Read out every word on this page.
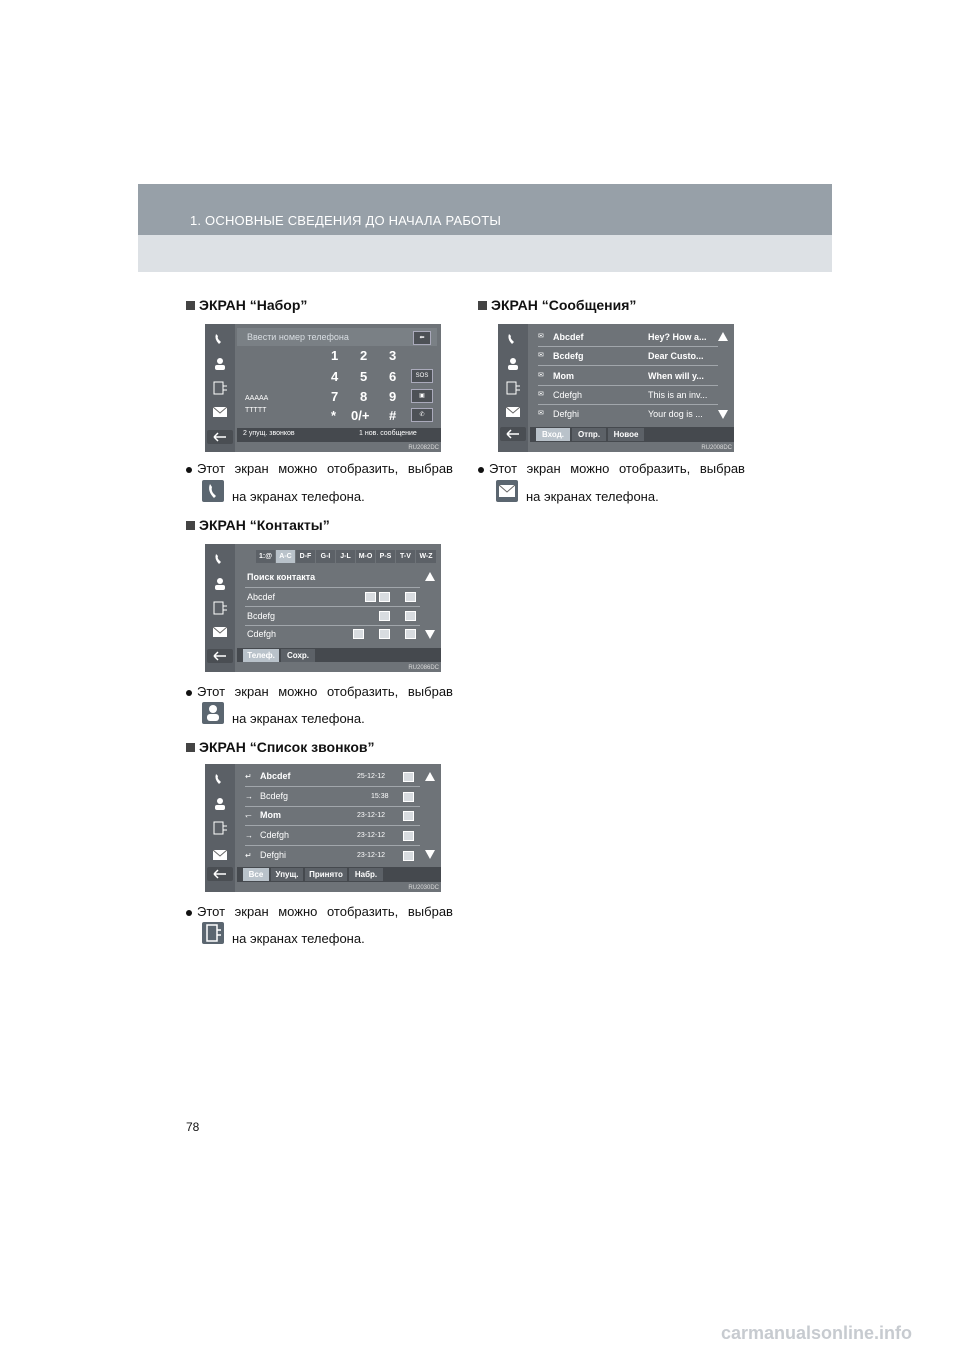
1. ОСНОВНЫЕ СВЕДЕНИЯ ДО НАЧАЛА РАБОТЫ
ЭКРАН “Набор”
Ввести номер телефона	⬅
1 2 3
4 5 6
7 8 9
* 0/+ #
AAAAA
TTTTT
SOS
▣
✆
2 упущ. звонков	1 нов. сообщение
RU2082DC
Этот экран можно отобразить, выбрав
на экранах телефона.
ЭКРАН “Контакты”
1:@	A-C	D-F	G-I	J-L	M-O	P-S	T-V	W-Z
Поиск контакта
Abcdef
Bcdefg
Cdefgh
Телеф.	Сохр.
RU2086DC
Этот экран можно отобразить, выбрав
на экранах телефона.
ЭКРАН “Список звонков”
↵ Abcdef	25-12-12
→ Bcdefg	15:38
↽ Mom	23-12-12
→ Cdefgh	23-12-12
↵ Defghi	23-12-12
Все	Упущ.	Принято	Набр.
RU2030DC
Этот экран можно отобразить, выбрав
на экранах телефона.
ЭКРАН “Сообщения”
✉ Abcdef	Hey? How a...
✉ Bcdefg	Dear Custo...
✉ Mom	When will y...
✉ Cdefgh	This is an inv...
✉ Defghi	Your dog is ...
Вход.	Отпр.	Новое
RU2008DC
Этот экран можно отобразить, выбрав
на экранах телефона.
78
carmanualsonline.info
